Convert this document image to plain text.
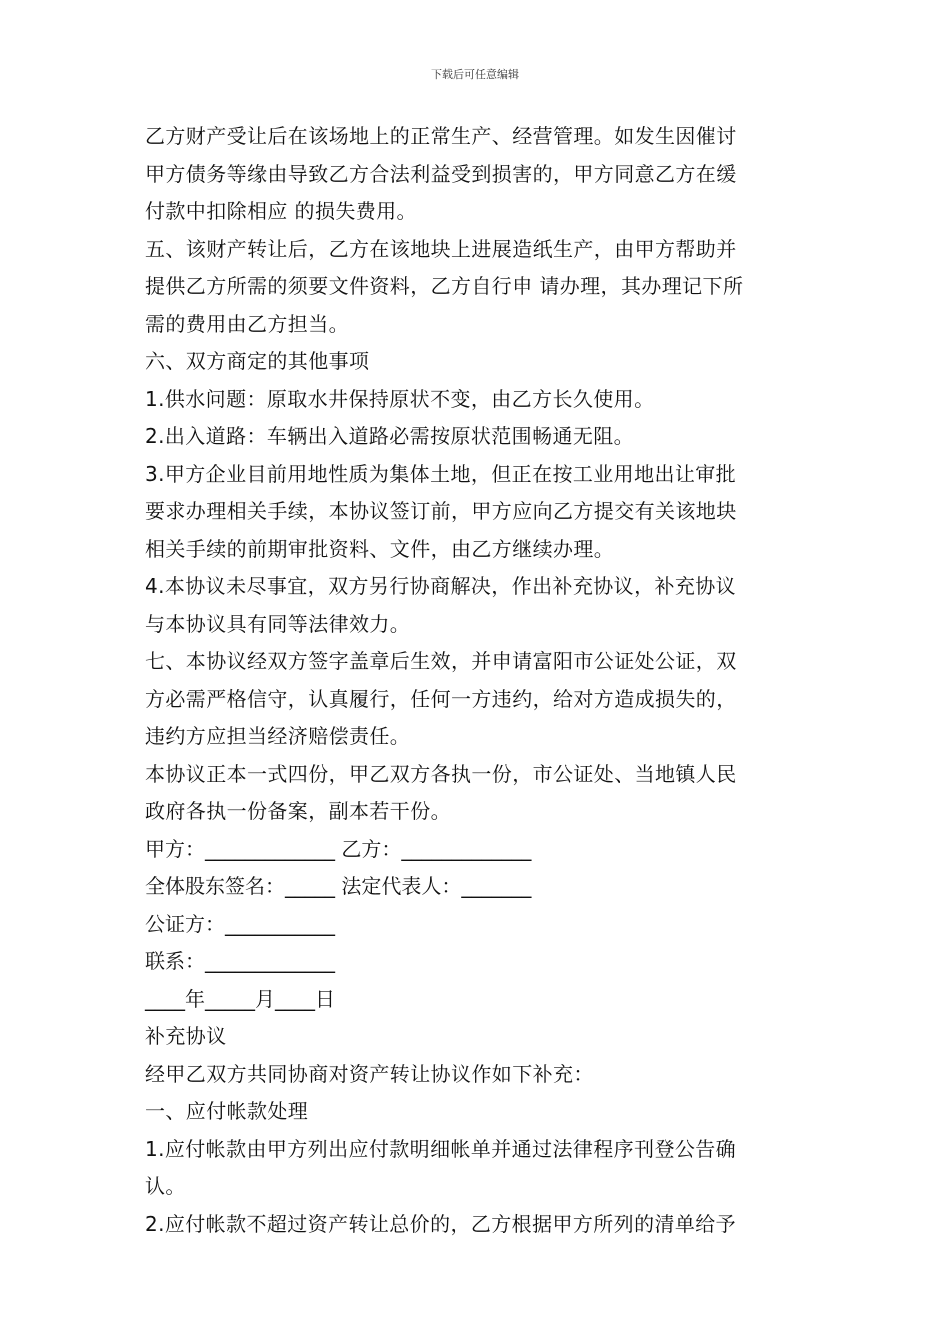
下载后可任意编辑

乙方财产受让后在该场地上的正常生产、经营管理。如发生因催讨

甲方债务等缘由导致乙方合法利益受到损害的，甲方同意乙方在缓

付款中扣除相应 的损失费用。

五、该财产转让后，乙方在该地块上进展造纸生产，由甲方帮助并

提供乙方所需的须要文件资料，乙方自行申 请办理，其办理记下所

需的费用由乙方担当。

六、双方商定的其他事项

1.供水问题：原取水井保持原状不变，由乙方长久使用。

2.出入道路：车辆出入道路必需按原状范围畅通无阻。

3.甲方企业目前用地性质为集体土地，但正在按工业用地出让审批

要求办理相关手续，本协议签订前，甲方应向乙方提交有关该地块

相关手续的前期审批资料、文件，由乙方继续办理。

4.本协议未尽事宜，双方另行协商解决，作出补充协议，补充协议

与本协议具有同等法律效力。

七、本协议经双方签字盖章后生效，并申请富阳市公证处公证，双

方必需严格信守，认真履行，任何一方违约，给对方造成损失的，

违约方应担当经济赔偿责任。

本协议正本一式四份，甲乙双方各执一份，市公证处、当地镇人民

政府各执一份备案，副本若干份。

甲方：_____________ 乙方：_____________

全体股东签名：_____ 法定代表人：_______

公证方：___________

联系：_____________

____年_____月____日

补充协议

经甲乙双方共同协商对资产转让协议作如下补充：

一、应付帐款处理

1.应付帐款由甲方列出应付款明细帐单并通过法律程序刊登公告确

认。

2.应付帐款不超过资产转让总价的，乙方根据甲方所列的清单给予
